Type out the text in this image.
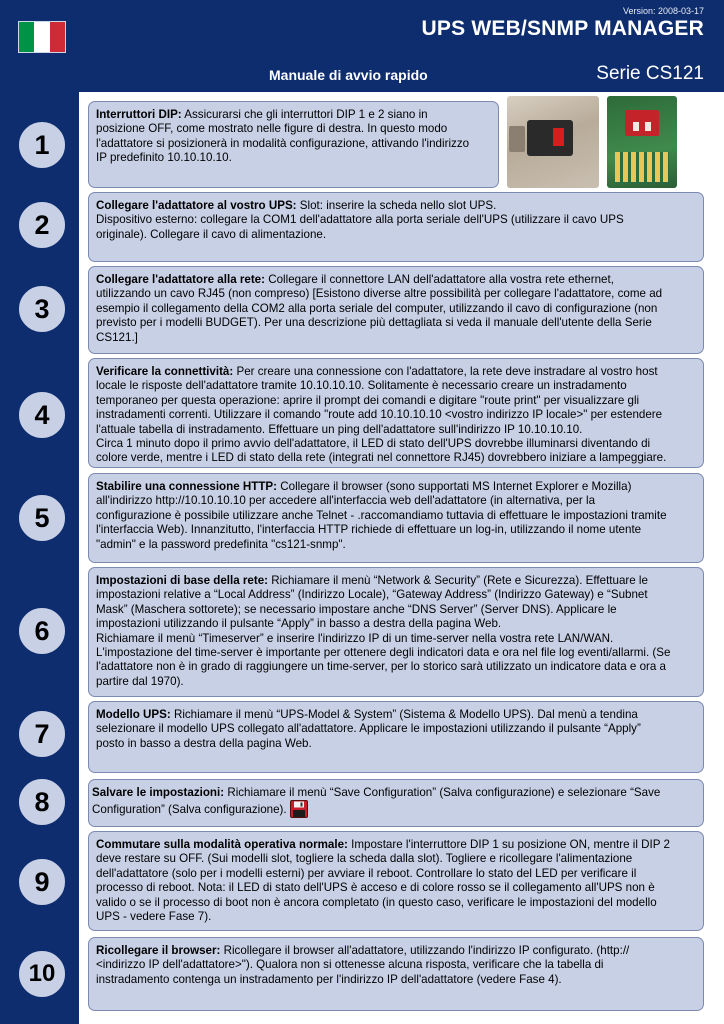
Version: 2008-03-17
UPS WEB/SNMP MANAGER
Manuale di avvio rapido	Serie CS121
1
2
3
4
5
6
7
8
9
10
Interruttori DIP: Assicurarsi che gli interruttori DIP 1 e 2 siano in
posizione OFF, come mostrato nelle figure di destra. In questo modo
l'adattatore si posizionerà in modalità configurazione, attivando l'indirizzo
IP predefinito 10.10.10.10.
Collegare l'adattatore al vostro UPS: Slot: inserire la scheda nello slot UPS.
Dispositivo esterno: collegare la COM1 dell'adattatore alla porta seriale dell'UPS (utilizzare il cavo UPS
originale). Collegare il cavo di alimentazione.
Collegare l'adattatore alla rete: Collegare il connettore LAN dell'adattatore alla vostra rete ethernet,
utilizzando un cavo RJ45 (non compreso) [Esistono diverse altre possibilità per collegare l'adattatore, come ad
esempio il collegamento della COM2 alla porta seriale del computer, utilizzando il cavo di configurazione (non
previsto per i modelli BUDGET). Per una descrizione più dettagliata si veda il manuale dell'utente della Serie
CS121.]
Verificare la connettività: Per creare una connessione con l'adattatore, la rete deve instradare al vostro host
locale le risposte dell'adattatore tramite 10.10.10.10. Solitamente è necessario creare un instradamento
temporaneo per questa operazione: aprire il prompt dei comandi e digitare "route print" per visualizzare gli
instradamenti correnti. Utilizzare il comando "route add 10.10.10.10 <vostro indirizzo IP locale>" per estendere
l'attuale tabella di instradamento. Effettuare un ping dell'adattatore sull'indirizzo IP 10.10.10.10.
Circa 1 minuto dopo il primo avvio dell'adattatore, il LED di stato dell'UPS dovrebbe illuminarsi diventando di
colore verde, mentre i LED di stato della rete (integrati nel connettore RJ45) dovrebbero iniziare a lampeggiare.
Stabilire una connessione HTTP: Collegare il browser (sono supportati MS Internet Explorer e Mozilla)
all'indirizzo http://10.10.10.10 per accedere all'interfaccia web dell'adattatore (in alternativa, per la
configurazione è possibile utilizzare anche Telnet - .raccomandiamo tuttavia di effettuare le impostazioni tramite
l'interfaccia Web). Innanzitutto, l'interfaccia HTTP richiede di effettuare un log-in, utilizzando il nome utente
"admin" e la password predefinita "cs121-snmp".
Impostazioni di base della rete: Richiamare il menù “Network & Security” (Rete e Sicurezza). Effettuare le
impostazioni relative a “Local Address” (Indirizzo Locale), “Gateway Address” (Indirizzo Gateway) e “Subnet
Mask” (Maschera sottorete); se necessario impostare anche “DNS Server” (Server DNS). Applicare le
impostazioni utilizzando il pulsante “Apply” in basso a destra della pagina Web.
Richiamare il menù “Timeserver” e inserire l'indirizzo IP di un time-server nella vostra rete LAN/WAN.
L'impostazione del time-server è importante per ottenere degli indicatori data e ora nel file log eventi/allarmi. (Se
l'adattatore non è in grado di raggiungere un time-server, per lo storico sarà utilizzato un indicatore data e ora a
partire dal 1970).
Modello UPS: Richiamare il menù “UPS-Model & System” (Sistema & Modello UPS). Dal menù a tendina
selezionare il modello UPS collegato all'adattatore. Applicare le impostazioni utilizzando il pulsante “Apply”
posto in basso a destra della pagina Web.
Salvare le impostazioni: Richiamare il menù “Save Configuration” (Salva configurazione) e selezionare “Save
Configuration” (Salva configurazione).
Commutare sulla modalità operativa normale: Impostare l'interruttore DIP 1 su posizione ON, mentre il DIP 2
deve restare su OFF. (Sui modelli slot, togliere la scheda dalla slot). Togliere e ricollegare l'alimentazione
dell'adattatore (solo per i modelli esterni) per avviare il reboot. Controllare lo stato del LED per verificare il
processo di reboot. Nota: il LED di stato dell'UPS è acceso e di colore rosso se il collegamento all'UPS non è
valido o se il processo di boot non è ancora completato (in questo caso, verificare le impostazioni del modello
UPS - vedere Fase 7).
Ricollegare il browser: Ricollegare il browser all'adattatore, utilizzando l'indirizzo IP configurato. (http://
<indirizzo IP dell'adattatore>"). Qualora non si ottenesse alcuna risposta, verificare che la tabella di
instradamento contenga un instradamento per l'indirizzo IP dell'adattatore (vedere Fase 4).
